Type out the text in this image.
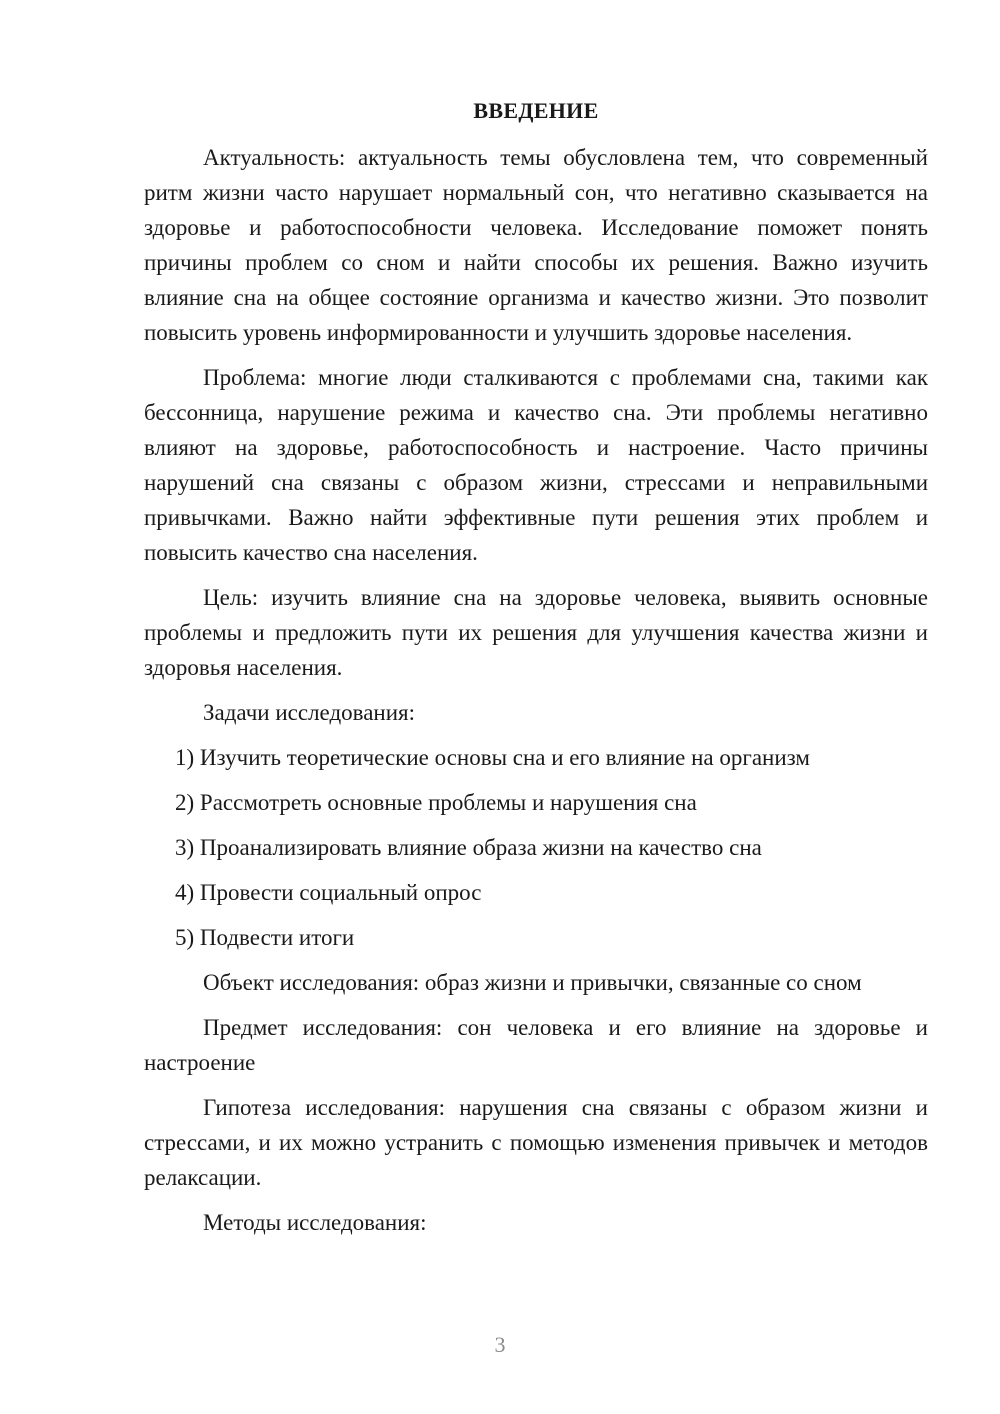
ВВЕДЕНИЕ

Актуальность: актуальность темы обусловлена тем, что современный ритм жизни часто нарушает нормальный сон, что негативно сказывается на здоровье и работоспособности человека. Исследование поможет понять причины проблем со сном и найти способы их решения. Важно изучить влияние сна на общее состояние организма и качество жизни. Это позволит повысить уровень информированности и улучшить здоровье населения.

Проблема: многие люди сталкиваются с проблемами сна, такими как бессонница, нарушение режима и качество сна. Эти проблемы негативно влияют на здоровье, работоспособность и настроение. Часто причины нарушений сна связаны с образом жизни, стрессами и неправильными привычками. Важно найти эффективные пути решения этих проблем и повысить качество сна населения.

Цель: изучить влияние сна на здоровье человека, выявить основные проблемы и предложить пути их решения для улучшения качества жизни и здоровья населения.

Задачи исследования:

1) Изучить теоретические основы сна и его влияние на организм
2) Рассмотреть основные проблемы и нарушения сна
3) Проанализировать влияние образа жизни на качество сна
4) Провести социальный опрос
5) Подвести итоги

Объект исследования: образ жизни и привычки, связанные со сном

Предмет исследования: сон человека и его влияние на здоровье и настроение

Гипотеза исследования: нарушения сна связаны с образом жизни и стрессами, и их можно устранить с помощью изменения привычек и методов релаксации.

Методы исследования:

3
